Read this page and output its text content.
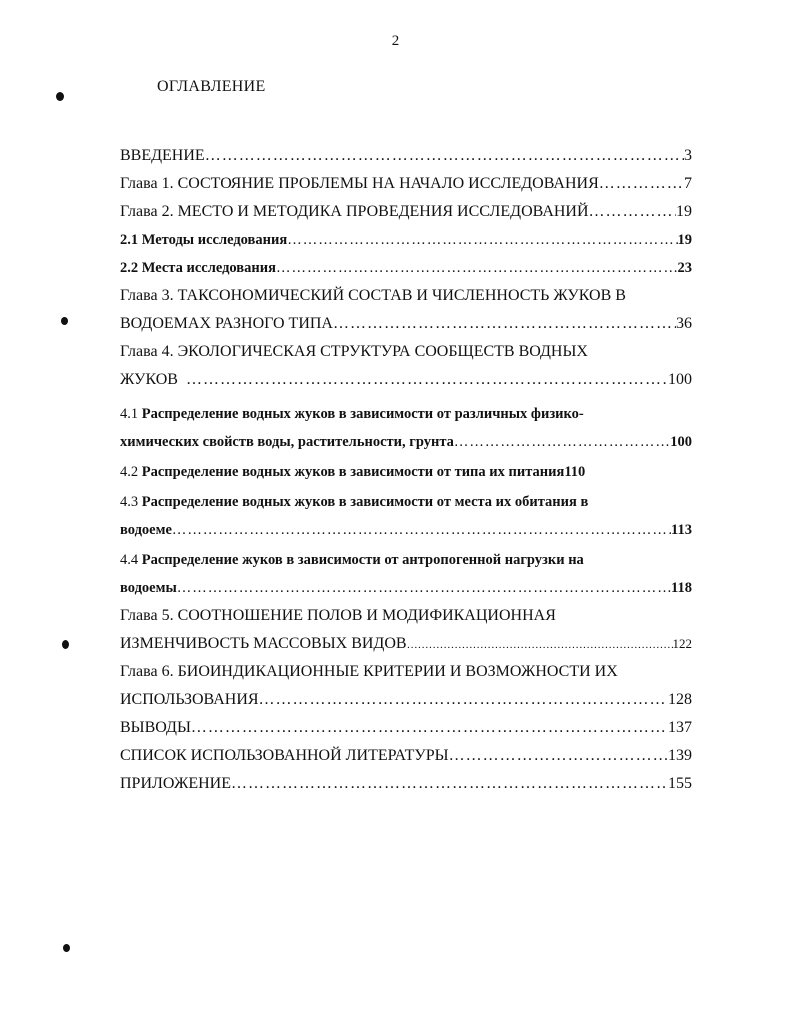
2
ОГЛАВЛЕНИЕ
ВВЕДЕНИЕ ………………………………………………………………………………………………………………………………………………	3
Глава 1. СОСТОЯНИЕ ПРОБЛЕМЫ НА НАЧАЛО ИССЛЕДОВАНИЯ ………………………………………………………………………………………………………………………………………………	7
Глава 2. МЕСТО И МЕТОДИКА ПРОВЕДЕНИЯ ИССЛЕДОВАНИЙ ………………………………………………………………………………………………………………………………………………	19
2.1 Методы исследования ………………………………………………………………………………………………………………………………………………	19
2.2 Места исследования ………………………………………………………………………………………………………………………………………………	23
Глава 3. ТАКСОНОМИЧЕСКИЙ СОСТАВ И ЧИСЛЕННОСТЬ ЖУКОВ В
ВОДОЕМАХ РАЗНОГО ТИПА ………………………………………………………………………………………………………………………………………………	36
Глава 4. ЭКОЛОГИЧЕСКАЯ СТРУКТУРА СООБЩЕСТВ ВОДНЫХ
ЖУКОВ ………………………………………………………………………………………………………………………………………………	100
4.1 Распределение водных жуков в зависимости от различных физико-
химических свойств воды, растительности, грунта ………………………………………………………………………………………………………………………………………………	100
4.2 Распределение водных жуков в зависимости от типа их питания 110
4.3 Распределение водных жуков в зависимости от места их обитания в
водоеме ………………………………………………………………………………………………………………………………………………	113
4.4 Распределение жуков в зависимости от антропогенной нагрузки на
водоемы ………………………………………………………………………………………………………………………………………………	118
Глава 5. СООТНОШЕНИЕ ПОЛОВ И МОДИФИКАЦИОННАЯ
ИЗМЕНЧИВОСТЬ МАССОВЫХ ВИДОВ ………………………………………………………………………………………………………………………………………………	122
Глава 6. БИОИНДИКАЦИОННЫЕ КРИТЕРИИ И ВОЗМОЖНОСТИ ИХ
ИСПОЛЬЗОВАНИЯ ………………………………………………………………………………………………………………………………………………	128
ВЫВОДЫ ………………………………………………………………………………………………………………………………………………	137
СПИСОК ИСПОЛЬЗОВАННОЙ ЛИТЕРАТУРЫ ………………………………………………………………………………………………………………………………………………	139
ПРИЛОЖЕНИЕ ………………………………………………………………………………………………………………………………………………	155
